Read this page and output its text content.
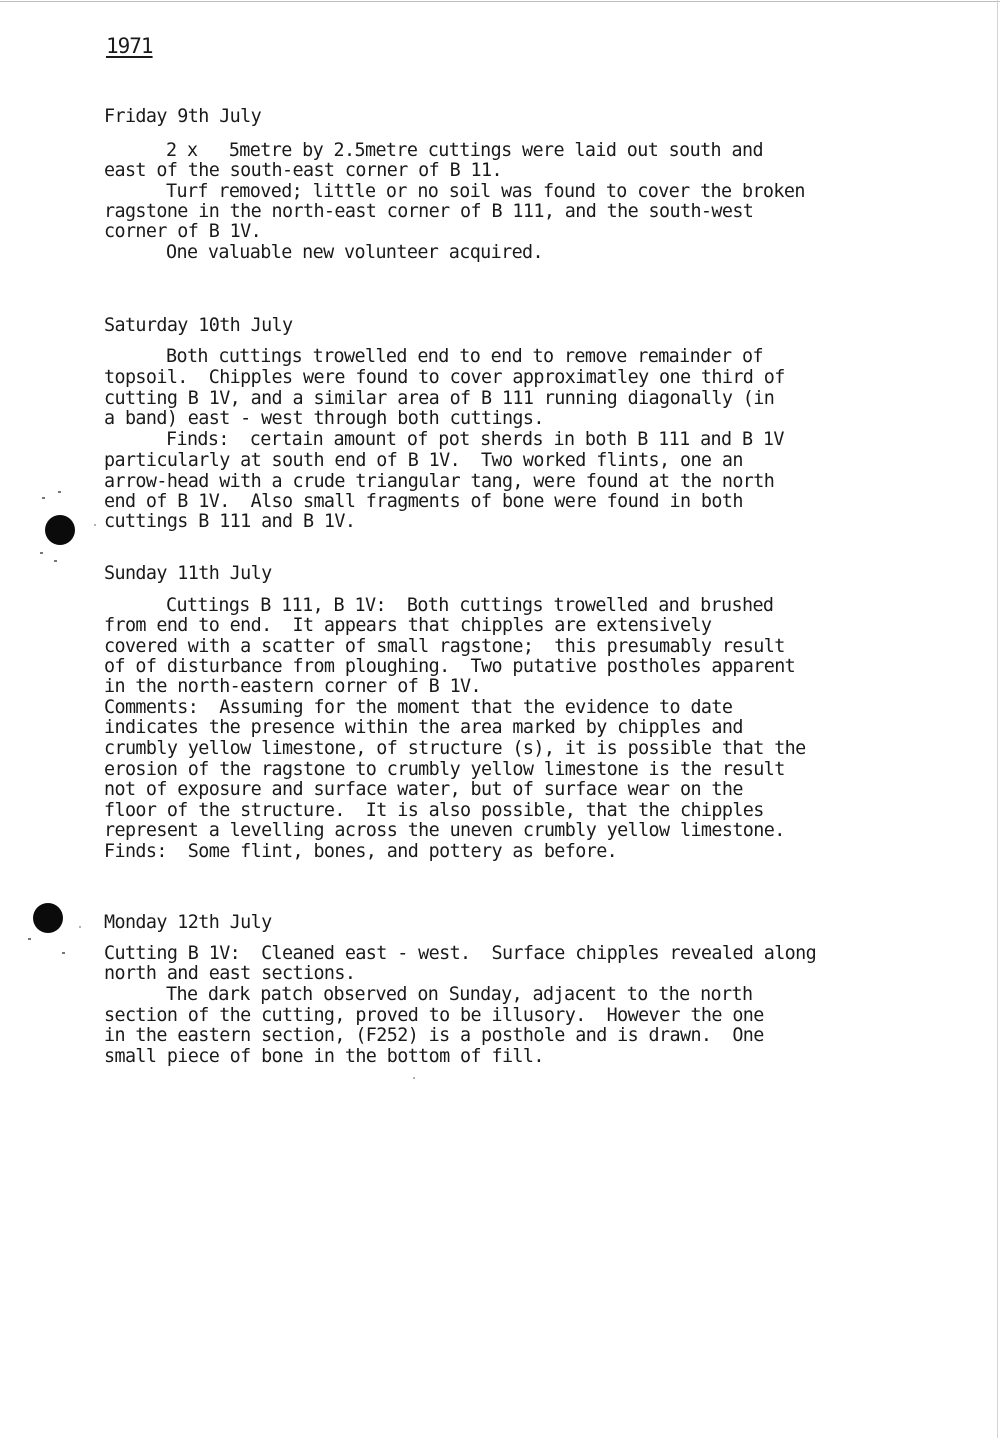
1971
Friday 9th July
2 x   5metre by 2.5metre cuttings were laid out south and
east of the south-east corner of B 11.
Turf removed; little or no soil was found to cover the broken
ragstone in the north-east corner of B 111, and the south-west
corner of B 1V.
One valuable new volunteer acquired.
Saturday 10th July
Both cuttings trowelled end to end to remove remainder of
topsoil.  Chipples were found to cover approximatley one third of
cutting B 1V, and a similar area of B 111 running diagonally (in
a band) east - west through both cuttings.
Finds:  certain amount of pot sherds in both B 111 and B 1V
particularly at south end of B 1V.  Two worked flints, one an
arrow-head with a crude triangular tang, were found at the north
end of B 1V.  Also small fragments of bone were found in both
cuttings B 111 and B 1V.
Sunday 11th July
Cuttings B 111, B 1V:  Both cuttings trowelled and brushed
from end to end.  It appears that chipples are extensively
covered with a scatter of small ragstone;  this presumably result
of of disturbance from ploughing.  Two putative postholes apparent
in the north-eastern corner of B 1V.
Comments:  Assuming for the moment that the evidence to date
indicates the presence within the area marked by chipples and
crumbly yellow limestone, of structure (s), it is possible that the
erosion of the ragstone to crumbly yellow limestone is the result
not of exposure and surface water, but of surface wear on the
floor of the structure.  It is also possible, that the chipples
represent a levelling across the uneven crumbly yellow limestone.
Finds:  Some flint, bones, and pottery as before.
Monday 12th July
Cutting B 1V:  Cleaned east - west.  Surface chipples revealed along
north and east sections.
The dark patch observed on Sunday, adjacent to the north
section of the cutting, proved to be illusory.  However the one
in the eastern section, (F252) is a posthole and is drawn.  One
small piece of bone in the bottom of fill.
